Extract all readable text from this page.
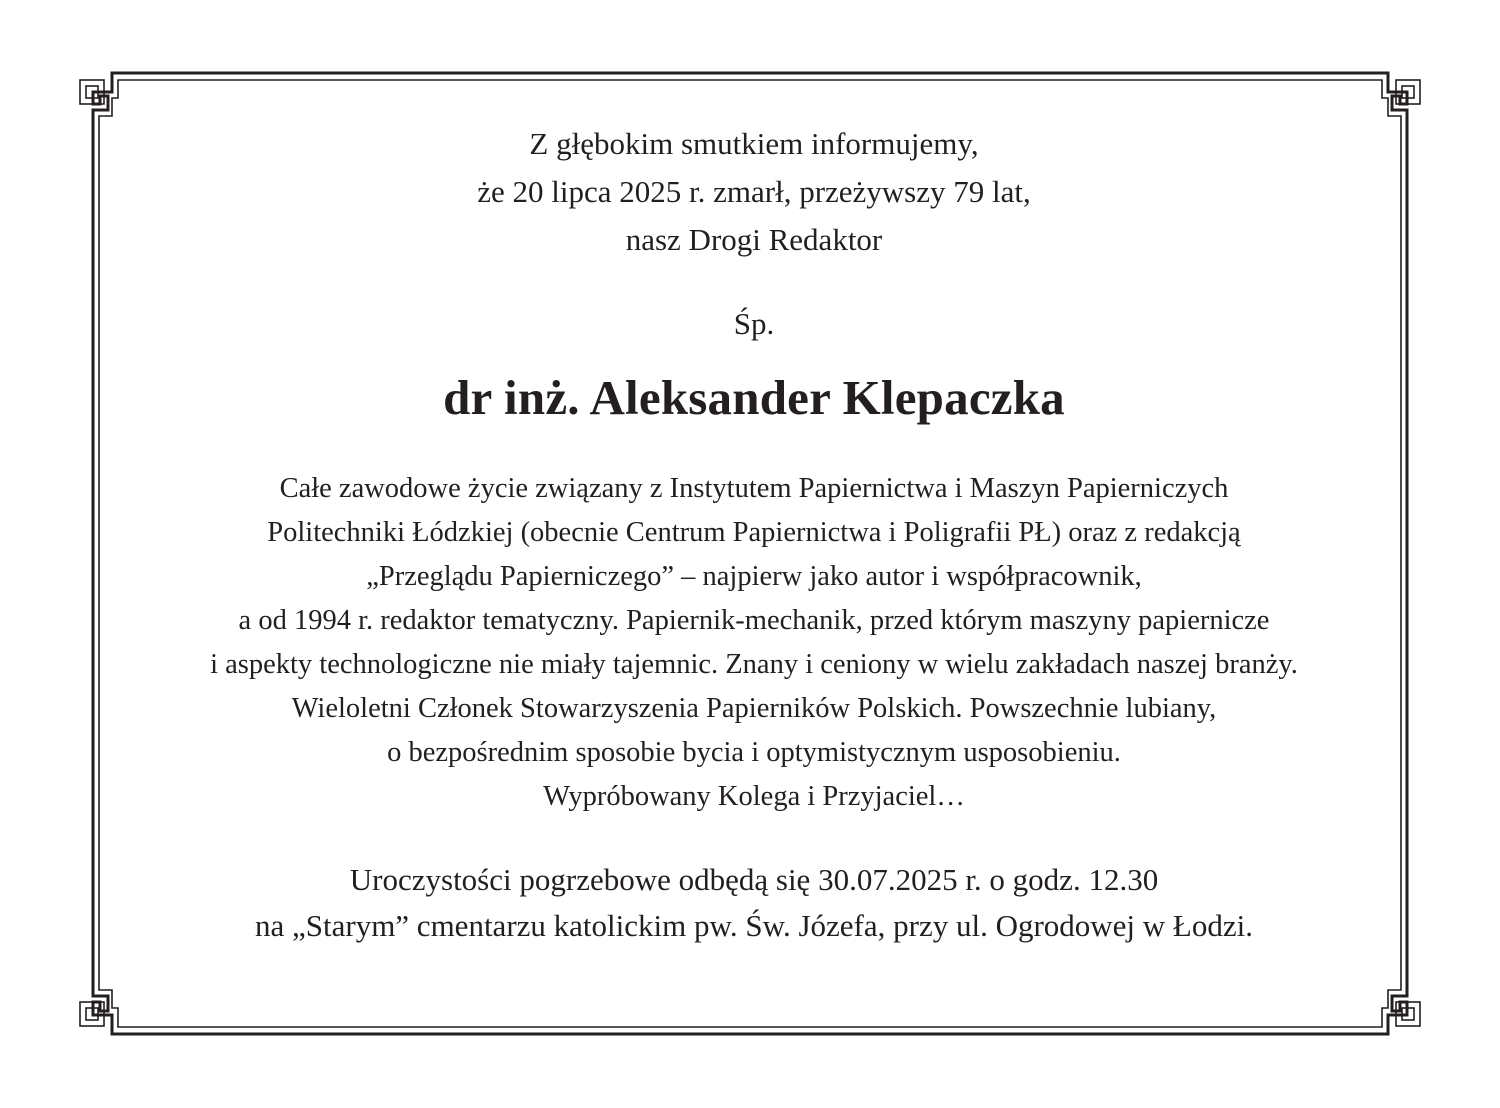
Z głębokim smutkiem informujemy,
że 20 lipca 2025 r. zmarł, przeżywszy 79 lat,
nasz Drogi Redaktor
Śp.
dr inż. Aleksander Klepaczka
Całe zawodowe życie związany z Instytutem Papiernictwa i Maszyn Papierniczych
Politechniki Łódzkiej (obecnie Centrum Papiernictwa i Poligrafii PŁ) oraz z redakcją
„Przeglądu Papierniczego” – najpierw jako autor i współpracownik,
a od 1994 r. redaktor tematyczny. Papiernik-mechanik, przed którym maszyny papiernicze
i aspekty technologiczne nie miały tajemnic. Znany i ceniony w wielu zakładach naszej branży.
Wieloletni Członek Stowarzyszenia Papierników Polskich. Powszechnie lubiany,
o bezpośrednim sposobie bycia i optymistycznym usposobieniu.
Wypróbowany Kolega i Przyjaciel…
Uroczystości pogrzebowe odbędą się 30.07.2025 r. o godz. 12.30
na „Starym” cmentarzu katolickim pw. Św. Józefa, przy ul. Ogrodowej w Łodzi.
